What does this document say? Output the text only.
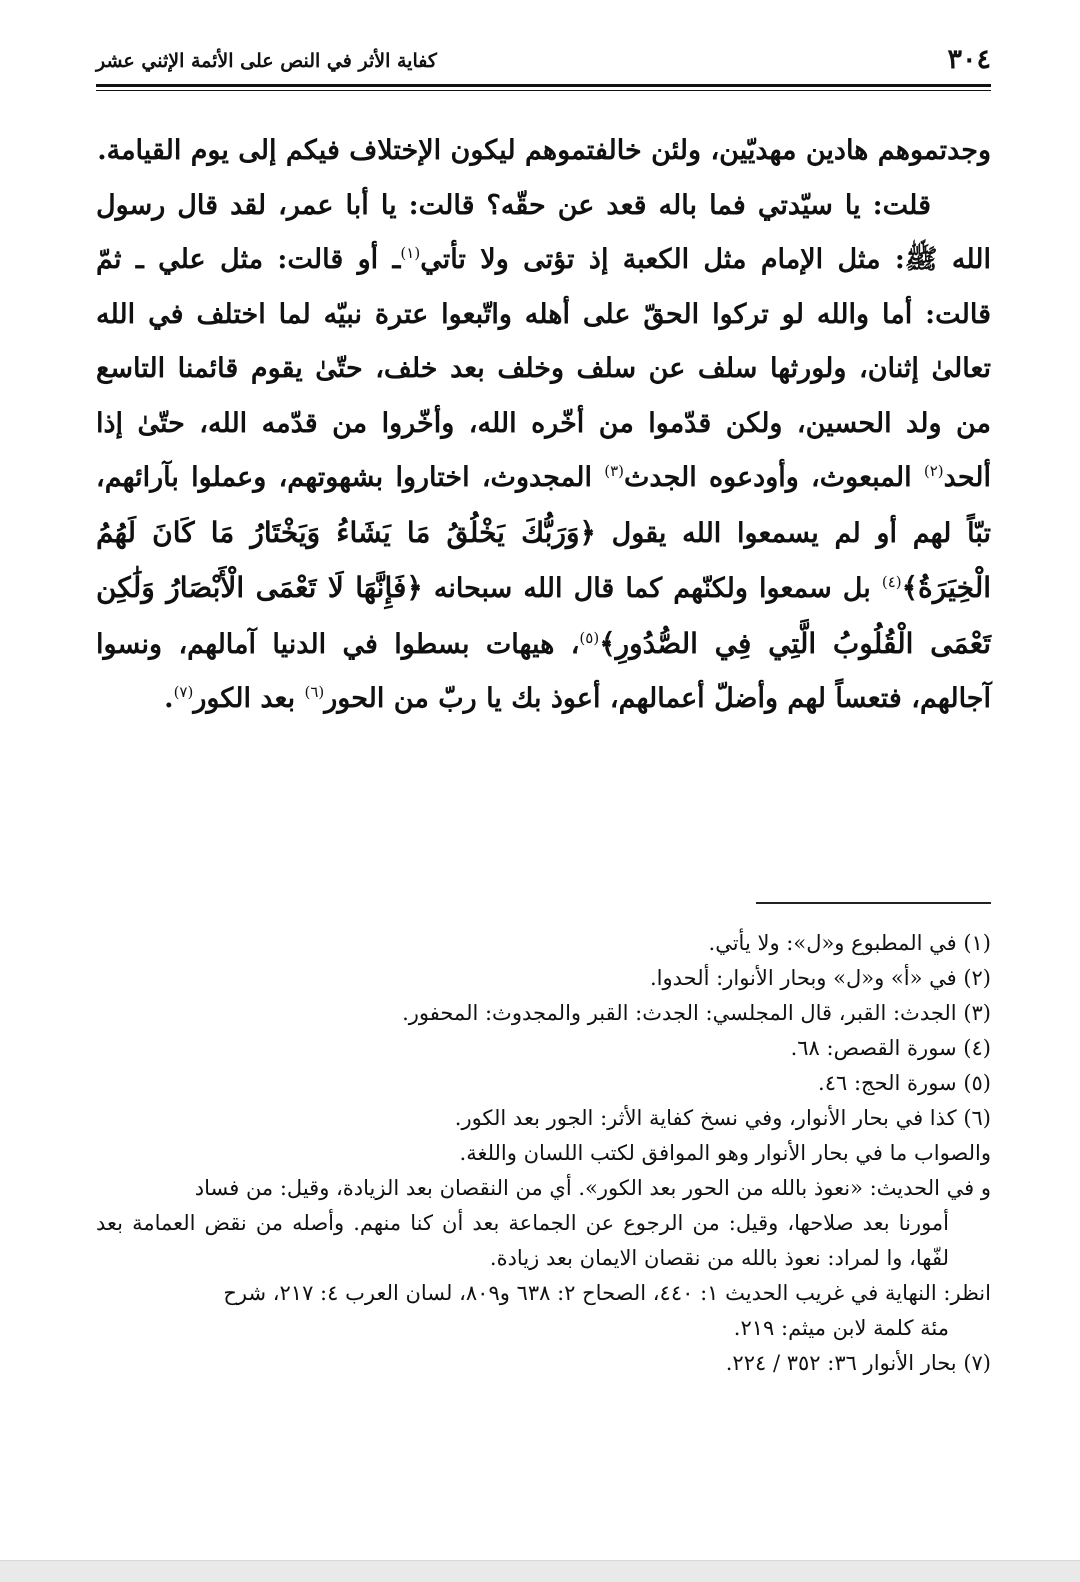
٣٠٤
كفاية الأثر في النص على الأئمة الإثني عشر

وجدتموهم هادين مهديّين، ولئن خالفتموهم ليكون الإختلاف فيكم إلى يوم القيامة.

قلت: يا سيّدتي فما باله قعد عن حقّه؟ قالت: يا أبا عمر، لقد قال رسول الله ﷺ: مثل الإمام مثل الكعبة إذ تؤتى ولا تأتي$^{(١)}$ـ أو قالت: مثل علي ـ ثمّ قالت: أما والله لو تركوا الحقّ على أهله واتّبعوا عترة نبيّه لما اختلف في الله تعالىٰ إثنان، ولورثها سلف عن سلف وخلف بعد خلف، حتّىٰ يقوم قائمنا التاسع من ولد الحسين، ولكن قدّموا من أخّره الله، وأخّروا من قدّمه الله، حتّىٰ إذا ألحد$^{(٢)}$ المبعوث، وأودعوه الجدث$^{(٣)}$ المجدوث، اختاروا بشهوتهم، وعملوا بآرائهم، تبّاً لهم أو لم يسمعوا الله يقول ﴿وَرَبُّكَ يَخْلُقُ مَا يَشَاءُ وَيَخْتَارُ مَا كَانَ لَهُمُ الْخِيَرَةُ﴾$^{(٤)}$ بل سمعوا ولكنّهم كما قال الله سبحانه ﴿فَإِنَّهَا لَا تَعْمَى الْأَبْصَارُ وَلَٰكِن تَعْمَى الْقُلُوبُ الَّتِي فِي الصُّدُورِ﴾$^{(٥)}$، هيهات بسطوا في الدنيا آمالهم، ونسوا آجالهم، فتعساً لهم وأضلّ أعمالهم، أعوذ بك يا ربّ من الحور$^{(٦)}$ بعد الكور$^{(٧)}$.

(١) في المطبوع و«ل»: ولا يأتي.

(٢) في «أ» و«ل» وبحار الأنوار: ألحدوا.

(٣) الجدث: القبر، قال المجلسي: الجدث: القبر والمجدوث: المحفور.

(٤) سورة القصص: ٦٨.

(٥) سورة الحج: ٤٦.

(٦) كذا في بحار الأنوار، وفي نسخ كفاية الأثر: الجور بعد الكور.

والصواب ما في بحار الأنوار وهو الموافق لكتب اللسان واللغة.

و في الحديث: «نعوذ بالله من الحور بعد الكور». أي من النقصان بعد الزيادة، وقيل: من فساد

أمورنا بعد صلاحها، وقيل: من الرجوع عن الجماعة بعد أن كنا منهم. وأصله من نقض العمامة بعد لفّها، وا لمراد: نعوذ بالله من نقصان الايمان بعد زيادة.

انظر: النهاية في غريب الحديث ١: ٤٤٠، الصحاح ٢: ٦٣٨ و٨٠٩، لسان العرب ٤: ٢١٧، شرح

مئة كلمة لابن ميثم: ٢١٩.

(٧) بحار الأنوار ٣٦: ٣٥٢ / ٢٢٤.
